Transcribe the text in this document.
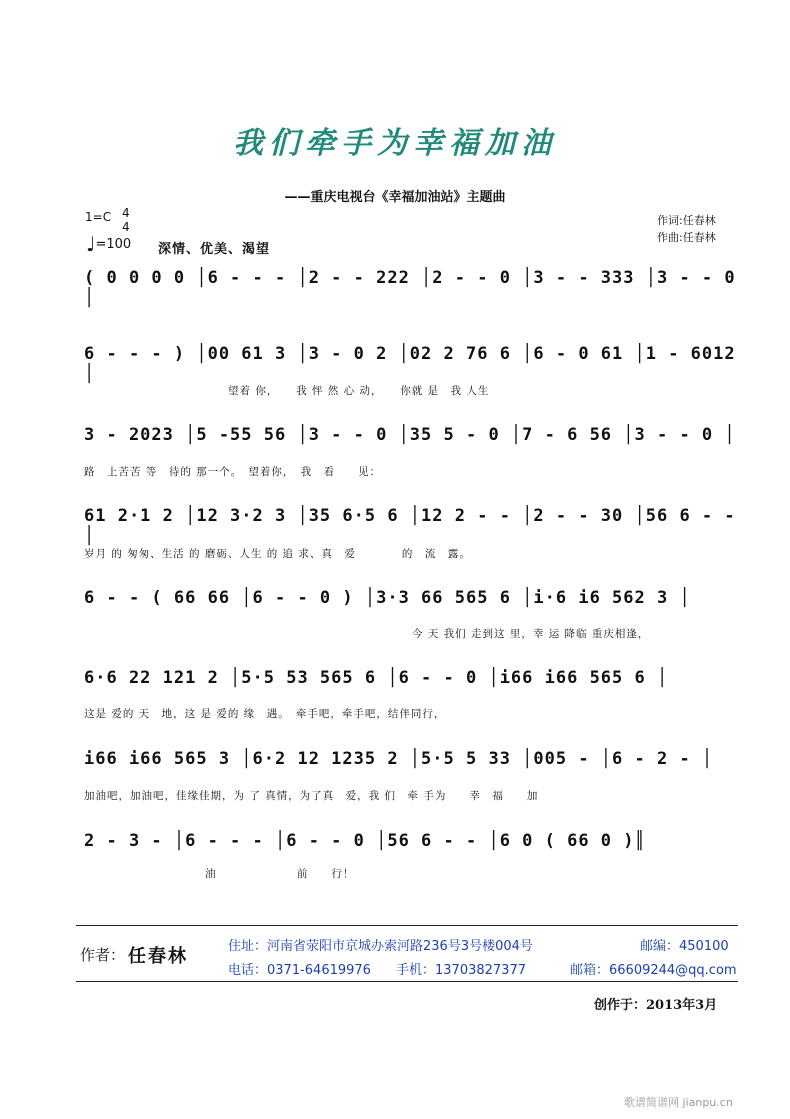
我们牵手为幸福加油
——重庆电视台《幸福加油站》主题曲
1=C 4
4
♩=100 深情、优美、渴望
作词:任春林
作曲:任春林
( 0 0 0 0 │6 - - - │2 - - 222 │2 - - 0 │3 - - 333 │3 - - 0 │
6 - - - ) │00 61 3 │3 - 0 2 │02 2 76 6 │6 - 0 61 │1 - 6012 │
望着 你，　　我 怦 然 心 动，　　你就 是　我 人生
3 - 2023 │5 -55 56 │3 - - 0 │35 5 - 0 │7 - 6 56 │3 - - 0 │
路　上苦苦 等　待的 那一个。　望着你，　我　看　　见：
61 2·1 2 │12 3·2 3 │35 6·5 6 │12 2 - - │2 - - 30 │56 6 - - │
岁月 的 匆匆、生活 的 磨砺、人生 的 追 求、真　爱　　　　的　流　露。
6 - - ( 66 66 │6 - - 0 ) │3·3 66 565 6 │i·6 i6 562 3 │
今 天 我们 走到这 里，幸 运 降临 重庆相逢，
6·6 22 121 2 │5·5 53 565 6 │6 - - 0 │i66 i66 565 6 │
这是 爱的 天　地，这 是 爱的 缘　遇。　牵手吧，牵手吧，结伴同行，
i66 i66 565 3 │6·2 12 1235 2 │5·5 5 33 │005 - │6 - 2 - │
加油吧，加油吧，佳缘佳期，为 了 真情，为了真　爱，我 们　牵 手为　　幸　福　　加
2 - 3 - │6 - - - │6 - - 0 │56 6 - - │6 0 ( 66 0 )║
油　　　　　　　前　　行！
作者： 任春林	住址：河南省荥阳市京城办索河路236号3号楼004号	邮编：450100
电话：0371-64619976 手机：13703827377	邮箱：66609244@qq.com
创作于：2013年3月
歌谱简谱网 jianpu.cn
